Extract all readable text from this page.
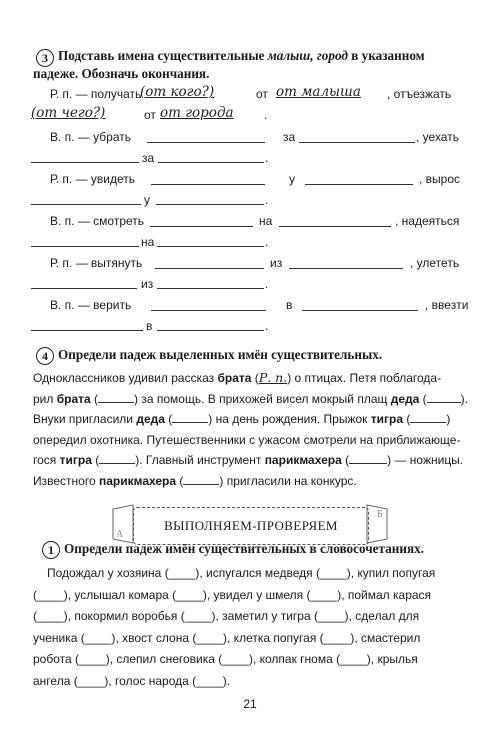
3 Подставь имена существительные малыш, город в указанном
падеже. Обозначь окончания.
Р. п. — получать
(от кого?)	от от малыша , отъезжать
(от чего?)	от от города	.
В. п. — убрать	за	, уехать
за	.
Р. п. — увидеть	у	, вырос
у	.
В. п. — смотреть	на	, надеяться
на	.
Р. п. — вытянуть	из	, улететь
из	.
В. п. — верить	в	, ввезти
в	.
4 Определи падеж выделенных имён существительных.
Одноклассников удивил рассказ брата (Р. п.) о птицах. Петя поблагода-
рил брата (	) за помощь. В прихожей висел мокрый плащ деда (	).
Внуки пригласили деда (	) на день рождения. Прыжок тигра (	)
опередил охотника. Путешественники с ужасом смотрели на приближающе-
гося тигра (	). Главный инструмент парикмахера (	) — ножницы.
Известного парикмахера (	) пригласили на конкурс.
А
Б
ВЫПОЛНЯЕМ-ПРОВЕРЯЕМ
1 Определи падеж имён существительных в словосочетаниях.
Подождал у хозяина (____), испугался медведя (____), купил попугая
(____), услышал комара (____), увидел у шмеля (____), поймал карася
(____), покормил воробья (____), заметил у тигра (____), сделал для
ученика (____), хвост слона (____), клетка попугая (____), смастерил
робота (____), слепил снеговика (____), колпак гнома (____), крылья
ангела (____), голос народа (____).
21
